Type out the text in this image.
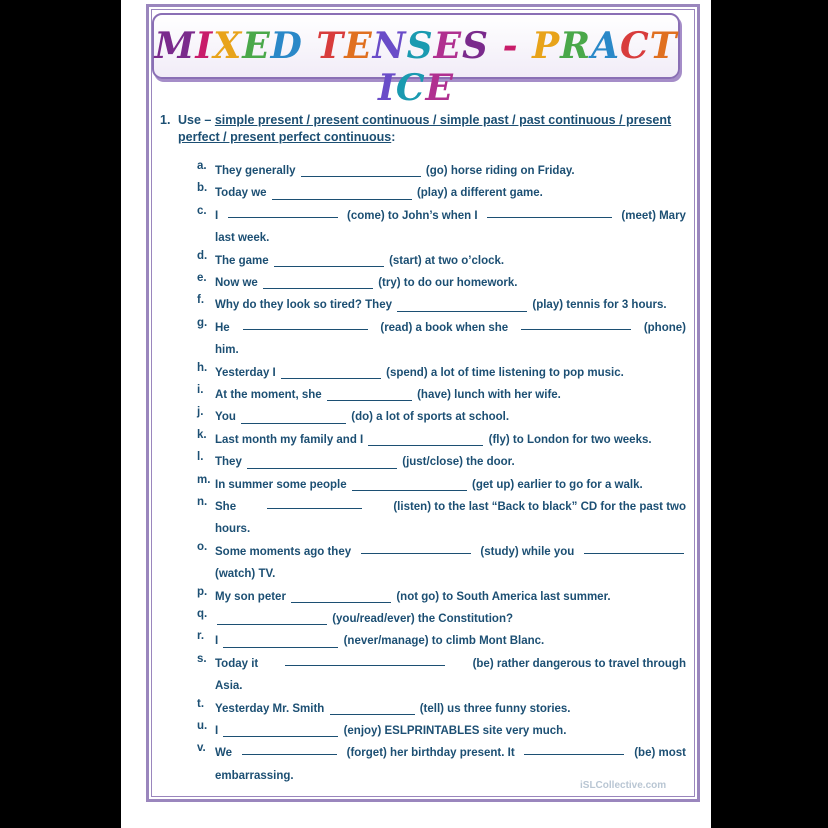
MIXED TENSES - PRACTICE
1. Use – simple present / present continuous / simple past / past continuous / present
perfect / present perfect continuous:
a. They generally	(go) horse riding on Friday.
b. Today we	(play) a different game.
c. I	(come) to John’s when I	(meet) Mary
last week.
d. The game	(start) at two o’clock.
e. Now we	(try) to do our homework.
f. Why do they look so tired? They	(play) tennis for 3 hours.
g. He	(read) a book when she	(phone)
him.
h. Yesterday I	(spend) a lot of time listening to pop music.
i. At the moment, she	(have) lunch with her wife.
j. You	(do) a lot of sports at school.
k. Last month my family and I	(fly) to London for two weeks.
l. They	(just/close) the door.
m. In summer some people	(get up) earlier to go for a walk.
n. She	(listen) to the last “Back to black” CD for the past two
hours.
o. Some moments ago they	(study) while you
(watch) TV.
p. My son peter	(not go) to South America last summer.
q.	(you/read/ever) the Constitution?
r. I	(never/manage) to climb Mont Blanc.
s. Today it	(be) rather dangerous to travel through
Asia.
t. Yesterday Mr. Smith	(tell) us three funny stories.
u. I	(enjoy) ESLPRINTABLES site very much.
v. We	(forget) her birthday present. It	(be) most
embarrassing.
iSLCollective.com
